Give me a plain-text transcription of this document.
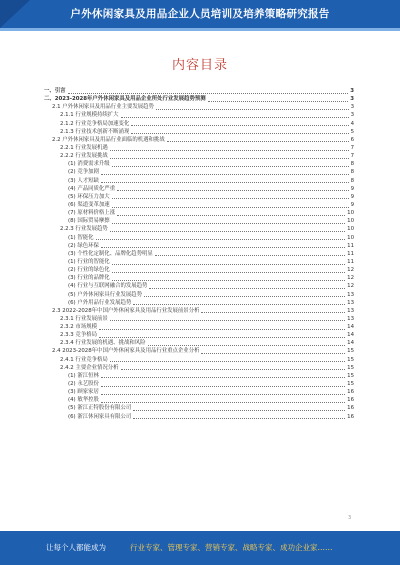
户外休闲家具及用品企业人员培训及培养策略研究报告
内容目录
一、引言	3
二、2023-2028年户外休闲家具及用品企业所处行业发展趋势预测	3
2.1 户外休闲家具及用品行业主要发展趋势	3
2.1.1 行业规模持续扩大	3
2.1.2 行业竞争格局加速变化	4
2.1.3 行业技术创新不断涌现	5
2.2 户外休闲家具及用品行业面临的机遇和挑战	6
2.2.1 行业发展机遇	7
2.2.2 行业发展挑战	7
(1) 消费需求升级	8
(2) 竞争加剧	8
(3) 人才短缺	8
(4) 产品同质化严重	9
(5) 环保压力加大	9
(6) 渠道变革加速	9
(7) 原材料价格上涨	10
(8) 国际贸易摩擦	10
2.2.3 行业发展趋势	10
(1) 智能化	10
(2) 绿色环保	11
(3) 个性化定制化、品牌化趋势明显	11
(1) 行业的智能化	11
(2) 行业的绿色化	12
(3) 行业的品牌化	12
(4) 行业与互联网融合的发展趋势	12
(5) 户外休闲家具行业发展趋势	13
(6) 户外用品行业发展趋势	13
2.3 2022-2028年中国户外休闲家具及用品行业发展前景分析	13
2.3.1 行业发展前景	13
2.3.2 市场规模	14
2.3.3 竞争格局	14
2.3.4 行业发展的机遇、挑战和风险	14
2.4 2023-2028年中国户外休闲家具及用品行业重点企业分析	15
2.4.1 行业竞争格局	15
2.4.2 主要企业情况分析	15
(1) 浙江恒林	15
(2) 永艺股份	15
(3) 顾家家居	16
(4) 敏华控股	16
(5) 浙江正特股份有限公司	16
(6) 浙江休闲家具有限公司	16
3
让每个人都能成为	行业专家、管理专家、营销专家、战略专家、成功企业家……
